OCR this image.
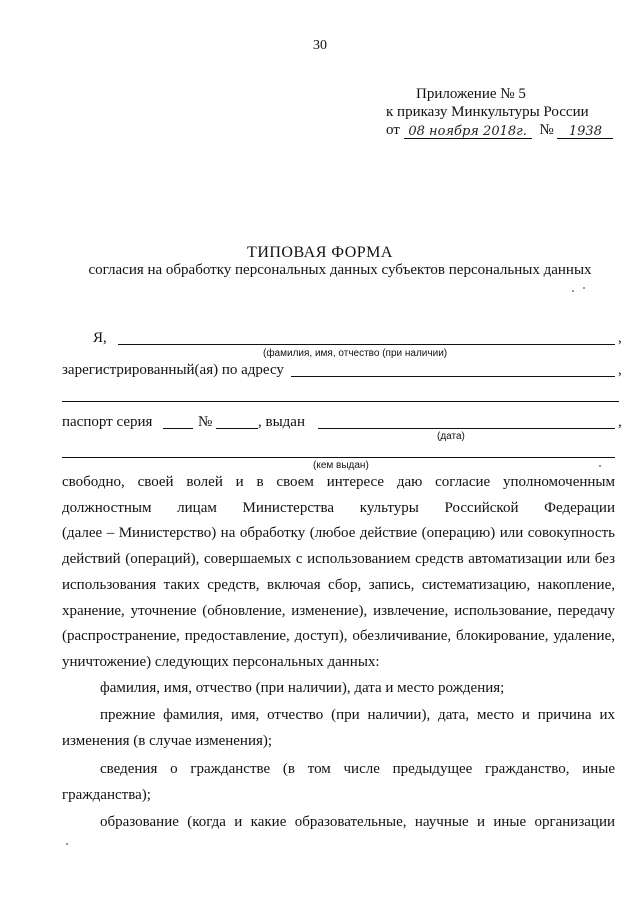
30
Приложение № 5
к приказу Минкультуры России
от 08 ноября 2018г. № 1938
ТИПОВАЯ ФОРМА
согласия на обработку персональных данных субъектов персональных данных
Я,	,
(фамилия, имя, отчество (при наличии)
зарегистрированный(ая) по адресу	,
паспорт серия	№	, выдан	,
(дата)
(кем выдан)
свободно, своей волей и в своем интересе даю согласие уполномоченным
должностным лицам Министерства культуры Российской Федерации
(далее – Министерство) на обработку (любое действие (операцию) или совокупность
действий (операций), совершаемых с использованием средств автоматизации или без
использования таких средств, включая сбор, запись, систематизацию, накопление,
хранение, уточнение (обновление, изменение), извлечение, использование, передачу
(распространение, предоставление, доступ), обезличивание, блокирование, удаление,
уничтожение) следующих персональных данных:
фамилия, имя, отчество (при наличии), дата и место рождения;
прежние фамилия, имя, отчество (при наличии), дата, место и причина их
изменения (в случае изменения);
сведения о гражданстве (в том числе предыдущее гражданство, иные
гражданства);
образование (когда и какие образовательные, научные и иные организации
